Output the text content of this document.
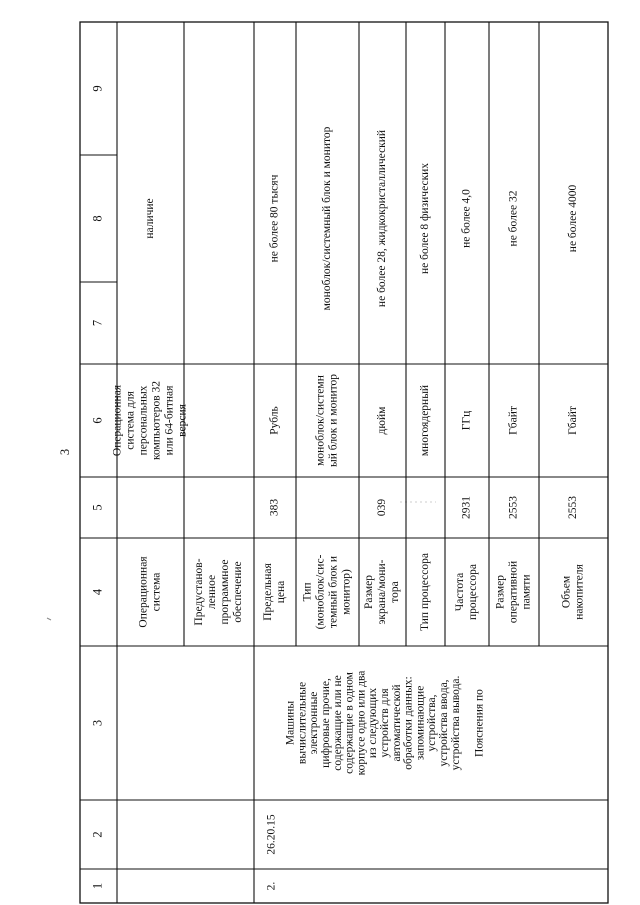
3
1
2
3
4
5
6
7
8
9
2.
26.20.15
Машины вычислительные электронные цифровые прочие, содержащие или не содержащие в одном корпусе одно или два из следующих устройств для автоматической обработки данных: запоминающие устройства, устройства ввода, устройства вывода. Пояснения по
Операционная система
Операционная система для персональных компьютеров 32 или 64-битная версия
наличие
Предустанов- ленное программное обеспечение Предельная цена
383
Рубль
не более 80 тысяч
Тип (моноблок/сис- темный блок и монитор)
моноблок/системн ый блок и монитор
моноблок/системный блок и монитор
Размер экрана/мони- тора
039
дюйм
не более 28, жидкокристаллический
Тип процессора
многоядерный
не более 8 физических
Частота процессора
2931
ГГц
не более 4,0
Размер оперативной памяти
2553
Гбайт
не более 32
Объем накопителя
2553
Гбайт
не более 4000
